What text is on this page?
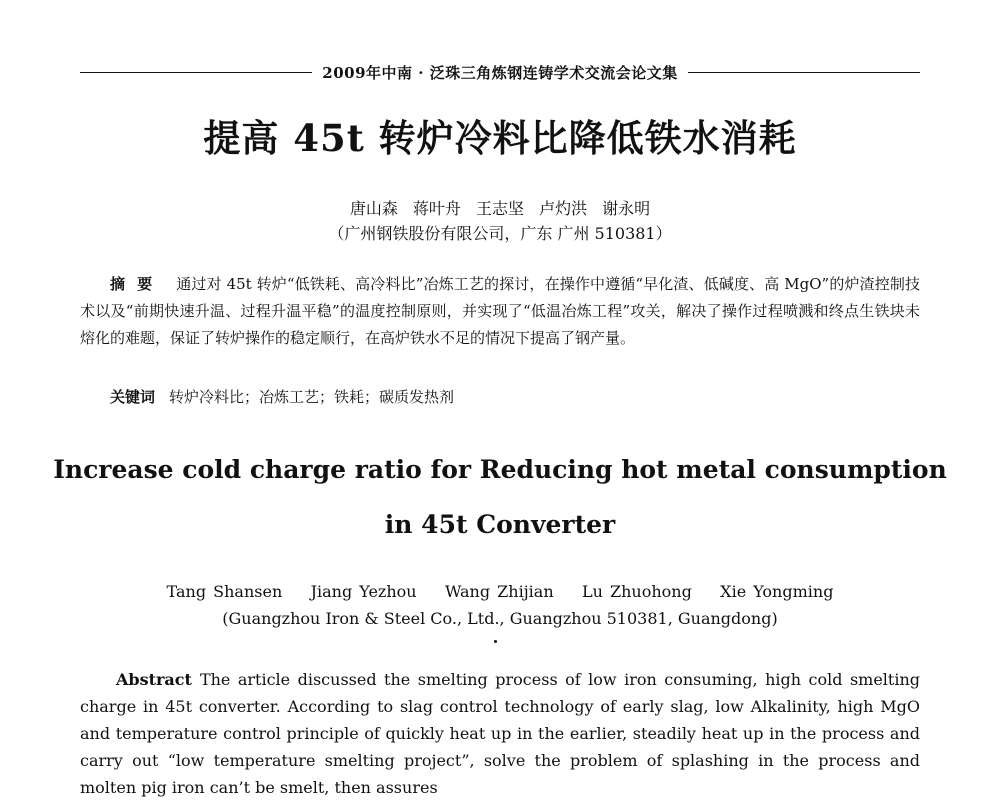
2009年中南 · 泛珠三角炼钢连铸学术交流会论文集
提高 45t 转炉冷料比降低铁水消耗
唐山森 蒋叶舟 王志坚 卢灼洪 谢永明
（广州钢铁股份有限公司，广东 广州 510381）

摘要 通过对 45t 转炉“低铁耗、高冷料比”冶炼工艺的探讨，在操作中遵循“早化渣、低碱度、高 MgO”的炉渣控制技术以及“前期快速升温、过程升温平稳”的温度控制原则，并实现了“低温冶炼工程”攻关，解决了操作过程喷溅和终点生铁块未熔化的难题，保证了转炉操作的稳定顺行，在高炉铁水不足的情况下提高了钢产量。

关键词 转炉冷料比；冶炼工艺；铁耗；碳质发热剂
Increase cold charge ratio for Reducing hot metal consumption
in 45t Converter
Tang Shansen    Jiang Yezhou    Wang Zhijian    Lu Zhuohong    Xie Yongming
(Guangzhou Iron & Steel Co., Ltd., Guangzhou 510381, Guangdong)

Abstract The article discussed the smelting process of low iron consuming, high cold smelting charge in 45t converter. According to slag control technology of early slag, low Alkalinity, high MgO and temperature control principle of quickly heat up in the earlier, steadily heat up in the process and carry out “low temperature smelting project”, solve the problem of splashing in the process and molten pig iron can’t be smelt, then assures
